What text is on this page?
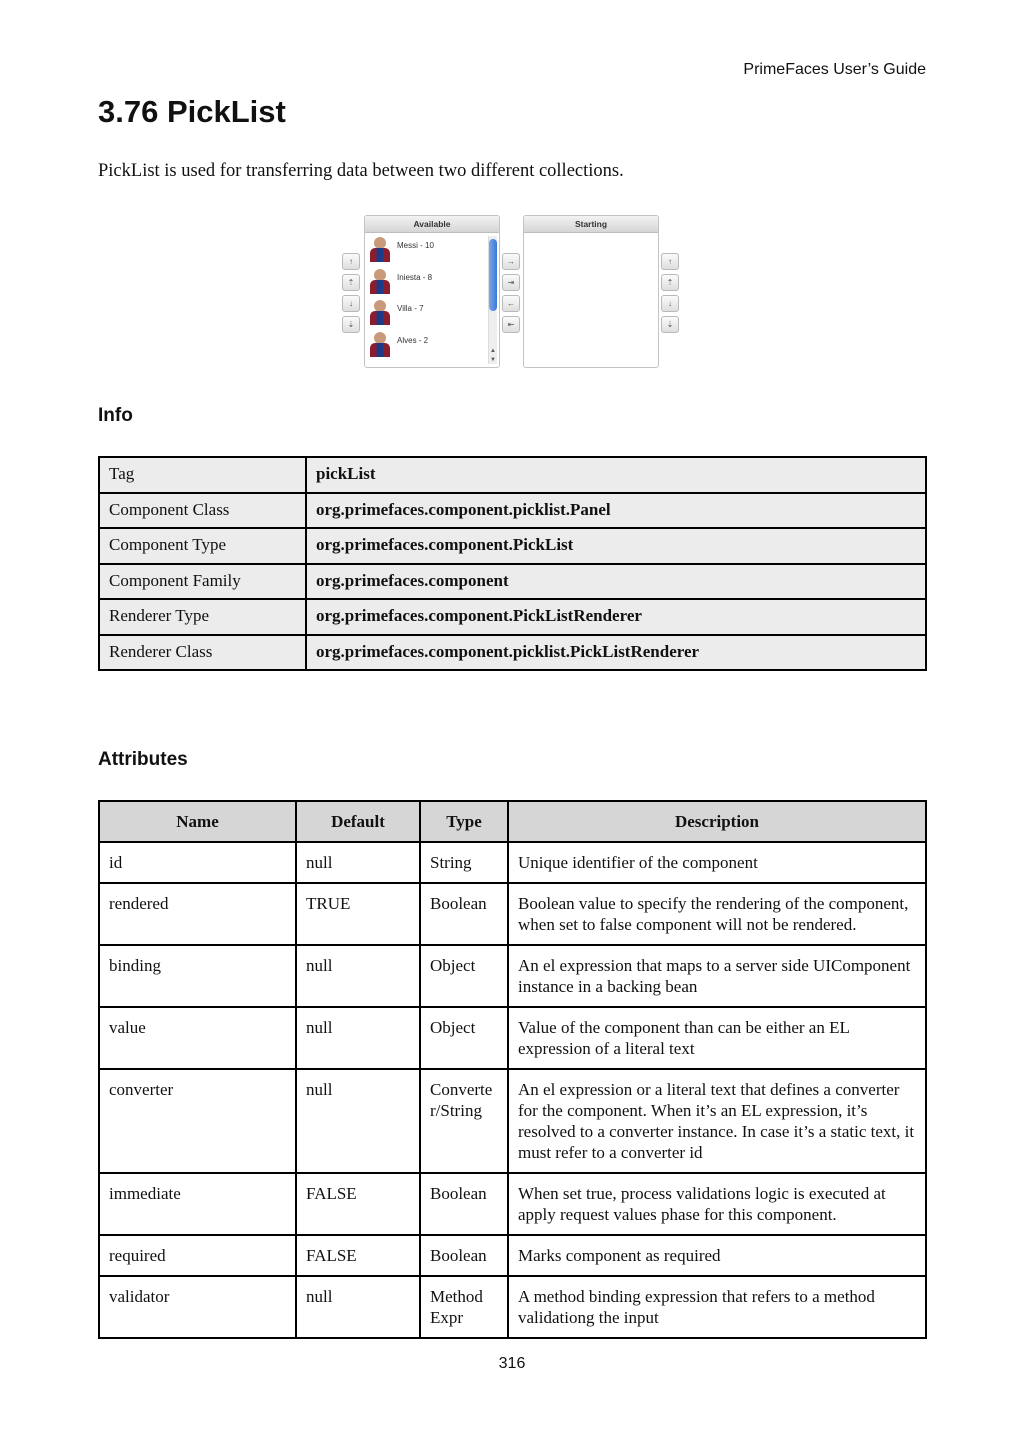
PrimeFaces User’s Guide
3.76 PickList
PickList is used for transferring data between two different collections.
↑
⇡
↓
⇣
Available
Messi - 10
Iniesta - 8
Villa - 7
Alves - 2
▲
▼
→
⇥
←
⇤
Starting
↑
⇡
↓
⇣
Info
Tag	pickList
Component Class	org.primefaces.component.picklist.Panel
Component Type	org.primefaces.component.PickList
Component Family	org.primefaces.component
Renderer Type	org.primefaces.component.PickListRenderer
Renderer Class	org.primefaces.component.picklist.PickListRenderer
Attributes
Name	Default	Type	Description
id	null	String	Unique identifier of the component
rendered	TRUE	Boolean	Boolean value to specify the rendering of the component, when set to false component will not be rendered.
binding	null	Object	An el expression that maps to a server side UIComponent instance in a backing bean
value	null	Object	Value of the component than can be either an EL expression of a literal text
converter	null	Converter/String	An el expression or a literal text that defines a converter for the component. When it’s an EL expression, it’s resolved to a converter instance. In case it’s a static text, it must refer to a converter id
immediate	FALSE	Boolean	When set true, process validations logic is executed at apply request values phase for this component.
required	FALSE	Boolean	Marks component as required
validator	null	Method Expr	A method binding expression that refers to a method validationg the input
316
